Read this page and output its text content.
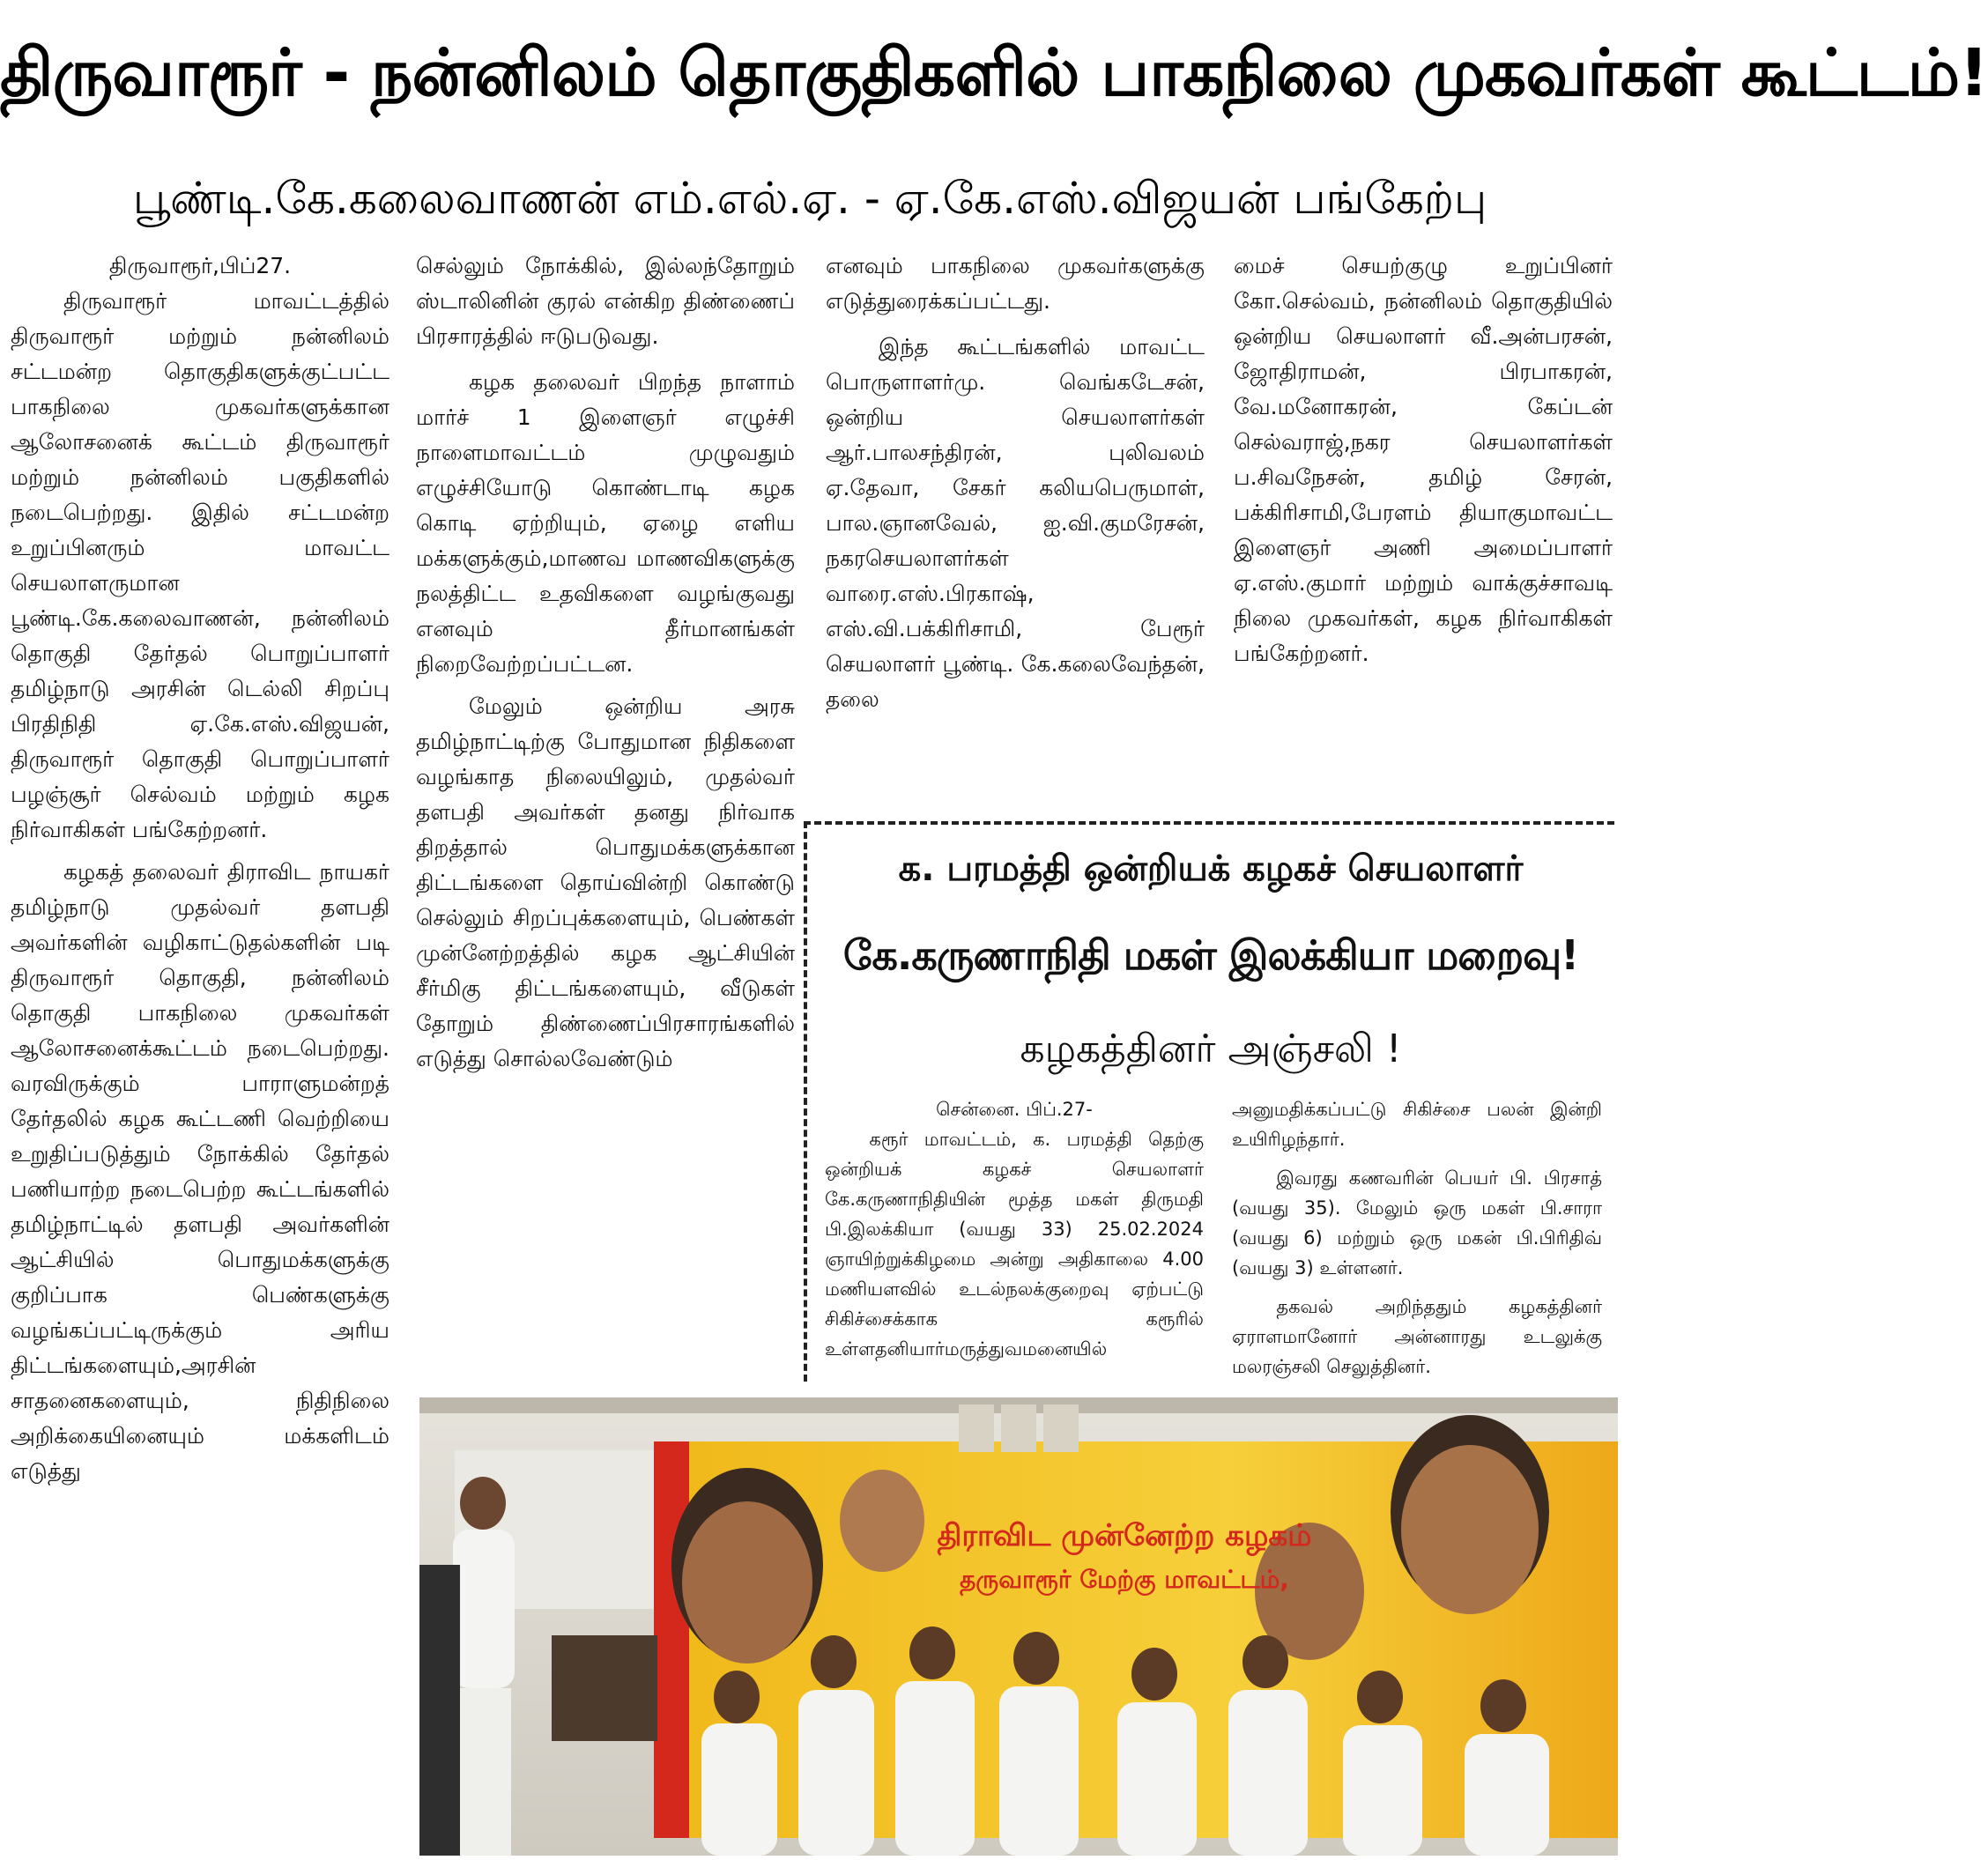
திருவாரூர் - நன்னிலம் தொகுதிகளில் பாகநிலை முகவர்கள் கூட்டம்!
பூண்டி.கே.கலைவாணன் எம்.எல்.ஏ. - ஏ.கே.எஸ்.விஜயன் பங்கேற்பு

திருவாரூர்,பிப்27.

திருவாரூர் மாவட்டத்தில் திருவாரூர் மற்றும் நன்னிலம் சட்டமன்ற தொகுதிகளுக்குட்பட்ட பாகநிலை முகவர்களுக்கான ஆலோசனைக் கூட்டம் திருவாரூர் மற்றும் நன்னிலம் பகுதிகளில் நடைபெற்றது. இதில் சட்டமன்ற உறுப்பினரும் மாவட்ட செயலாளருமான பூண்டி.கே.கலைவாணன், நன்னிலம் தொகுதி தேர்தல் பொறுப்பாளர் தமிழ்நாடு அரசின் டெல்லி சிறப்பு பிரதிநிதி ஏ.கே.எஸ்.விஜயன், திருவாரூர் தொகுதி பொறுப்பாளர் பழஞ்சூர் செல்வம் மற்றும் கழக நிர்வாகிகள் பங்கேற்றனர்.

கழகத் தலைவர் திராவிட நாயகர் தமிழ்நாடு முதல்வர் தளபதி அவர்களின் வழிகாட்டுதல்களின் படி திருவாரூர் தொகுதி, நன்னிலம் தொகுதி பாகநிலை முகவர்கள் ஆலோசனைக்கூட்டம் நடைபெற்றது. வரவிருக்கும் பாராளுமன்றத் தேர்தலில் கழக கூட்டணி வெற்றியை உறுதிப்படுத்தும் நோக்கில் தேர்தல் பணியாற்ற நடைபெற்ற கூட்டங்களில் தமிழ்நாட்டில் தளபதி அவர்களின் ஆட்சியில் பொதுமக்களுக்கு குறிப்பாக பெண்களுக்கு வழங்கப்பட்டிருக்கும் அரிய திட்டங்களையும்,அரசின் சாதனைகளையும், நிதிநிலை அறிக்கையினையும் மக்களிடம் எடுத்து

செல்லும் நோக்கில், இல்லந்தோறும் ஸ்டாலினின் குரல் என்கிற திண்ணைப் பிரசாரத்தில் ஈடுபடுவது.

கழக தலைவர் பிறந்த நாளாம் மார்ச் 1 இளைஞர் எழுச்சி நாளைமாவட்டம் முழுவதும் எழுச்சியோடு கொண்டாடி கழக கொடி ஏற்றியும், ஏழை எளிய மக்களுக்கும்,மாணவ மாணவிகளுக்கு நலத்திட்ட உதவிகளை வழங்குவது எனவும் தீர்மானங்கள் நிறைவேற்றப்பட்டன.

மேலும் ஒன்றிய அரசு தமிழ்நாட்டிற்கு போதுமான நிதிகளை வழங்காத நிலையிலும், முதல்வர் தளபதி அவர்கள் தனது நிர்வாக திறத்தால் பொதுமக்களுக்கான திட்டங்களை தொய்வின்றி கொண்டு செல்லும் சிறப்புக்களையும், பெண்கள் முன்னேற்றத்தில் கழக ஆட்சியின் சீர்மிகு திட்டங்களையும், வீடுகள் தோறும் திண்ணைப்பிரசாரங்களில் எடுத்து சொல்லவேண்டும்

எனவும் பாகநிலை முகவர்களுக்கு எடுத்துரைக்கப்பட்டது.

இந்த கூட்டங்களில் மாவட்ட பொருளாளர்மு. வெங்கடேசன், ஒன்றிய செயலாளர்கள் ஆர்.பாலசந்திரன், புலிவலம் ஏ.தேவா, சேகர் கலியபெருமாள், பால.ஞானவேல், ஐ.வி.குமரேசன், நகரசெயலாளர்கள் வாரை.எஸ்.பிரகாஷ், எஸ்.வி.பக்கிரிசாமி, பேரூர் செயலாளர் பூண்டி. கே.கலைவேந்தன், தலை

மைச் செயற்குழு உறுப்பினர் கோ.செல்வம், நன்னிலம் தொகுதியில் ஒன்றிய செயலாளர் வீ.அன்பரசன், ஜோதிராமன், பிரபாகரன், வே.மனோகரன், கேப்டன் செல்வராஜ்,நகர செயலாளர்கள் ப.சிவநேசன், தமிழ் சேரன், பக்கிரிசாமி,பேரளம் தியாகுமாவட்ட இளைஞர் அணி அமைப்பாளர் ஏ.எஸ்.குமார் மற்றும் வாக்குச்சாவடி நிலை முகவர்கள், கழக நிர்வாகிகள் பங்கேற்றனர்.

க. பரமத்தி ஒன்றியக் கழகச் செயலாளர்
கே.கருணாநிதி மகள் இலக்கியா மறைவு!
கழகத்தினர் அஞ்சலி !

சென்னை. பிப்.27-

கரூர் மாவட்டம், க. பரமத்தி தெற்கு ஒன்றியக் கழகச் செயலாளர் கே.கருணாநிதியின் மூத்த மகள் திருமதி பி.இலக்கியா (வயது 33) 25.02.2024 ஞாயிற்றுக்கிழமை அன்று அதிகாலை 4.00 மணியளவில் உடல்நலக்குறைவு ஏற்பட்டு சிகிச்சைக்காக கரூரில் உள்ளதனியார்மருத்துவமனையில்

அனுமதிக்கப்பட்டு சிகிச்சை பலன் இன்றி உயிரிழந்தார்.

இவரது கணவரின் பெயர் பி. பிரசாத் (வயது 35). மேலும் ஒரு மகள் பி.சாரா (வயது 6) மற்றும் ஒரு மகன் பி.பிரிதிவ் (வயது 3) உள்ளனர்.

தகவல் அறிந்ததும் கழகத்தினர் ஏராளமானோர் அன்னாரது உடலுக்கு மலரஞ்சலி செலுத்தினர்.

திராவிட முன்னேற்ற கழகம்
தருவாரூர் மேற்கு மாவட்டம்,
